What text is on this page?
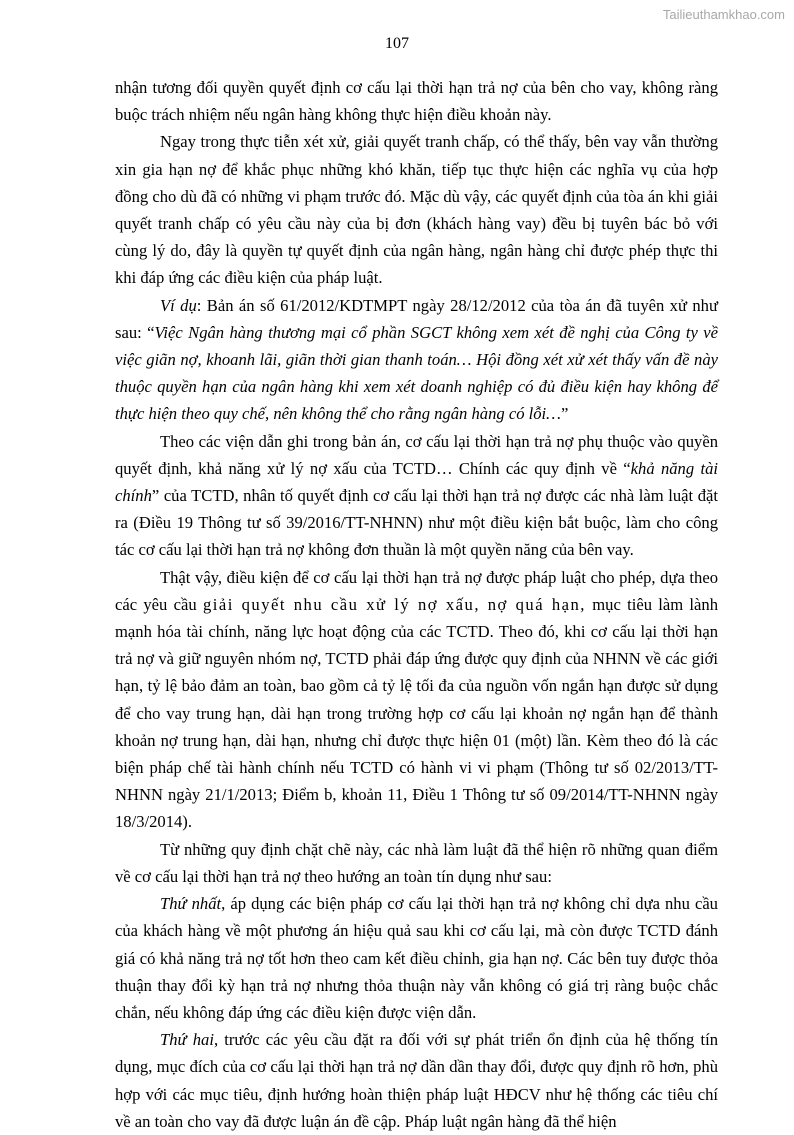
Tailieuthamkhao.com
107

nhận tương đối quyền quyết định cơ cấu lại thời hạn trả nợ của bên cho vay, không ràng buộc trách nhiệm nếu ngân hàng không thực hiện điều khoản này.

Ngay trong thực tiễn xét xử, giải quyết tranh chấp, có thể thấy, bên vay vẫn thường xin gia hạn nợ để khắc phục những khó khăn, tiếp tục thực hiện các nghĩa vụ của hợp đồng cho dù đã có những vi phạm trước đó. Mặc dù vậy, các quyết định của tòa án khi giải quyết tranh chấp có yêu cầu này của bị đơn (khách hàng vay) đều bị tuyên bác bỏ với cùng lý do, đây là quyền tự quyết định của ngân hàng, ngân hàng chỉ được phép thực thi khi đáp ứng các điều kiện của pháp luật.

Ví dụ: Bản án số 61/2012/KDTMPT ngày 28/12/2012 của tòa án đã tuyên xử như sau: “Việc Ngân hàng thương mại cổ phần SGCT không xem xét đề nghị của Công ty về việc giãn nợ, khoanh lãi, giãn thời gian thanh toán… Hội đồng xét xử xét thấy vấn đề này thuộc quyền hạn của ngân hàng khi xem xét doanh nghiệp có đủ điều kiện hay không để thực hiện theo quy chế, nên không thể cho rằng ngân hàng có lỗi…”

Theo các viện dẫn ghi trong bản án, cơ cấu lại thời hạn trả nợ phụ thuộc vào quyền quyết định, khả năng xử lý nợ xấu của TCTD… Chính các quy định về “khả năng tài chính” của TCTD, nhân tố quyết định cơ cấu lại thời hạn trả nợ được các nhà làm luật đặt ra (Điều 19 Thông tư số 39/2016/TT-NHNN) như một điều kiện bắt buộc, làm cho công tác cơ cấu lại thời hạn trả nợ không đơn thuần là một quyền năng của bên vay.

Thật vậy, điều kiện để cơ cấu lại thời hạn trả nợ được pháp luật cho phép, dựa theo các yêu cầu giải quyết nhu cầu xử lý nợ xấu, nợ quá hạn, mục tiêu làm lành mạnh hóa tài chính, năng lực hoạt động của các TCTD. Theo đó, khi cơ cấu lại thời hạn trả nợ và giữ nguyên nhóm nợ, TCTD phải đáp ứng được quy định của NHNN về các giới hạn, tỷ lệ bảo đảm an toàn, bao gồm cả tỷ lệ tối đa của nguồn vốn ngắn hạn được sử dụng để cho vay trung hạn, dài hạn trong trường hợp cơ cấu lại khoản nợ ngắn hạn để thành khoản nợ trung hạn, dài hạn, nhưng chỉ được thực hiện 01 (một) lần. Kèm theo đó là các biện pháp chế tài hành chính nếu TCTD có hành vi vi phạm (Thông tư số 02/2013/TT- NHNN ngày 21/1/2013; Điểm b, khoản 11, Điều 1 Thông tư số 09/2014/TT-NHNN ngày 18/3/2014).

Từ những quy định chặt chẽ này, các nhà làm luật đã thể hiện rõ những quan điểm về cơ cấu lại thời hạn trả nợ theo hướng an toàn tín dụng như sau:

Thứ nhất, áp dụng các biện pháp cơ cấu lại thời hạn trả nợ không chỉ dựa nhu cầu của khách hàng về một phương án hiệu quả sau khi cơ cấu lại, mà còn được TCTD đánh giá có khả năng trả nợ tốt hơn theo cam kết điều chỉnh, gia hạn nợ. Các bên tuy được thỏa thuận thay đổi kỳ hạn trả nợ nhưng thỏa thuận này vẫn không có giá trị ràng buộc chắc chắn, nếu không đáp ứng các điều kiện được viện dẫn.

Thứ hai, trước các yêu cầu đặt ra đối với sự phát triển ổn định của hệ thống tín dụng, mục đích của cơ cấu lại thời hạn trả nợ dần dần thay đổi, được quy định rõ hơn, phù hợp với các mục tiêu, định hướng hoàn thiện pháp luật HĐCV như hệ thống các tiêu chí về an toàn cho vay đã được luận án đề cập. Pháp luật ngân hàng đã thể hiện
